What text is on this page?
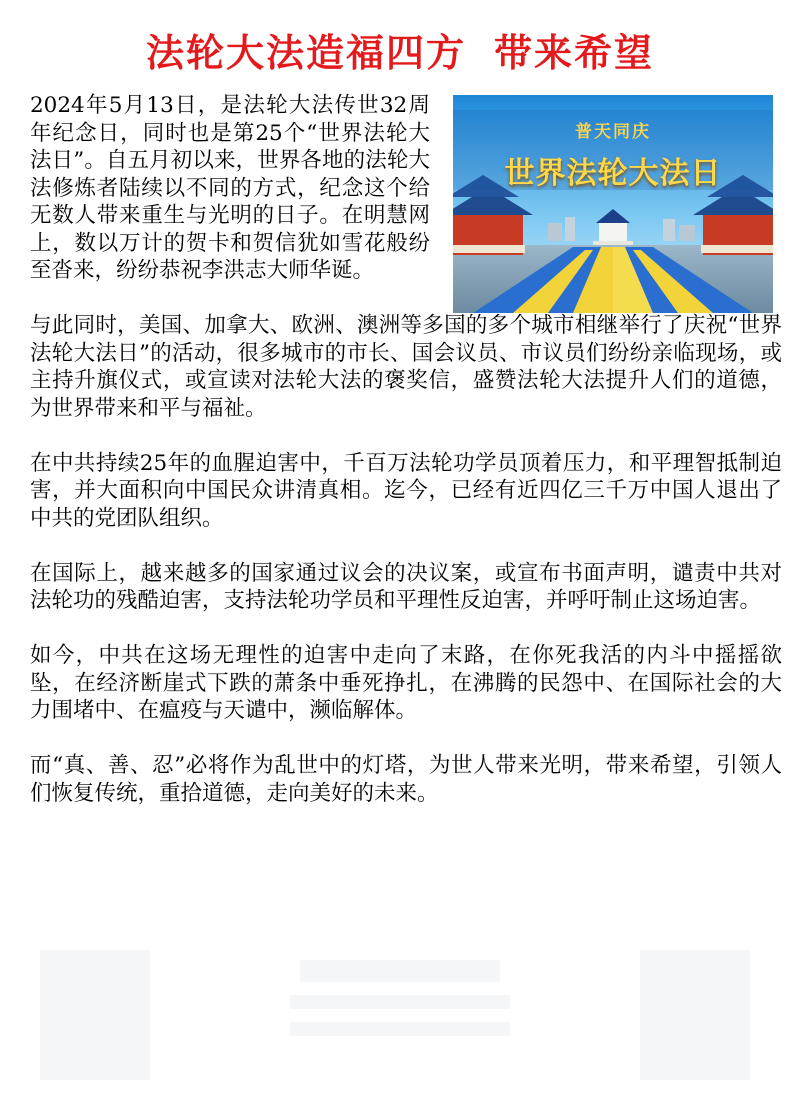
法轮大法造福四方 带来希望
普天同庆
世界法轮大法日

2024年5月13日，是法轮大法传世32周年纪念日，同时也是第25个“世界法轮大法日”。自五月初以来，世界各地的法轮大法修炼者陆续以不同的方式，纪念这个给无数人带来重生与光明的日子。在明慧网上，数以万计的贺卡和贺信犹如雪花般纷至沓来，纷纷恭祝李洪志大师华诞。

与此同时，美国、加拿大、欧洲、澳洲等多国的多个城市相继举行了庆祝“世界法轮大法日”的活动，很多城市的市长、国会议员、市议员们纷纷亲临现场，或主持升旗仪式，或宣读对法轮大法的褒奖信，盛赞法轮大法提升人们的道德，为世界带来和平与福祉。

在中共持续25年的血腥迫害中，千百万法轮功学员顶着压力，和平理智抵制迫害，并大面积向中国民众讲清真相。迄今，已经有近四亿三千万中国人退出了中共的党团队组织。

在国际上，越来越多的国家通过议会的决议案，或宣布书面声明，谴责中共对法轮功的残酷迫害，支持法轮功学员和平理性反迫害，并呼吁制止这场迫害。

如今，中共在这场无理性的迫害中走向了末路，在你死我活的内斗中摇摇欲坠，在经济断崖式下跌的萧条中垂死挣扎，在沸腾的民怨中、在国际社会的大力围堵中、在瘟疫与天谴中，濒临解体。

而“真、善、忍”必将作为乱世中的灯塔，为世人带来光明，带来希望，引领人们恢复传统，重拾道德，走向美好的未来。
